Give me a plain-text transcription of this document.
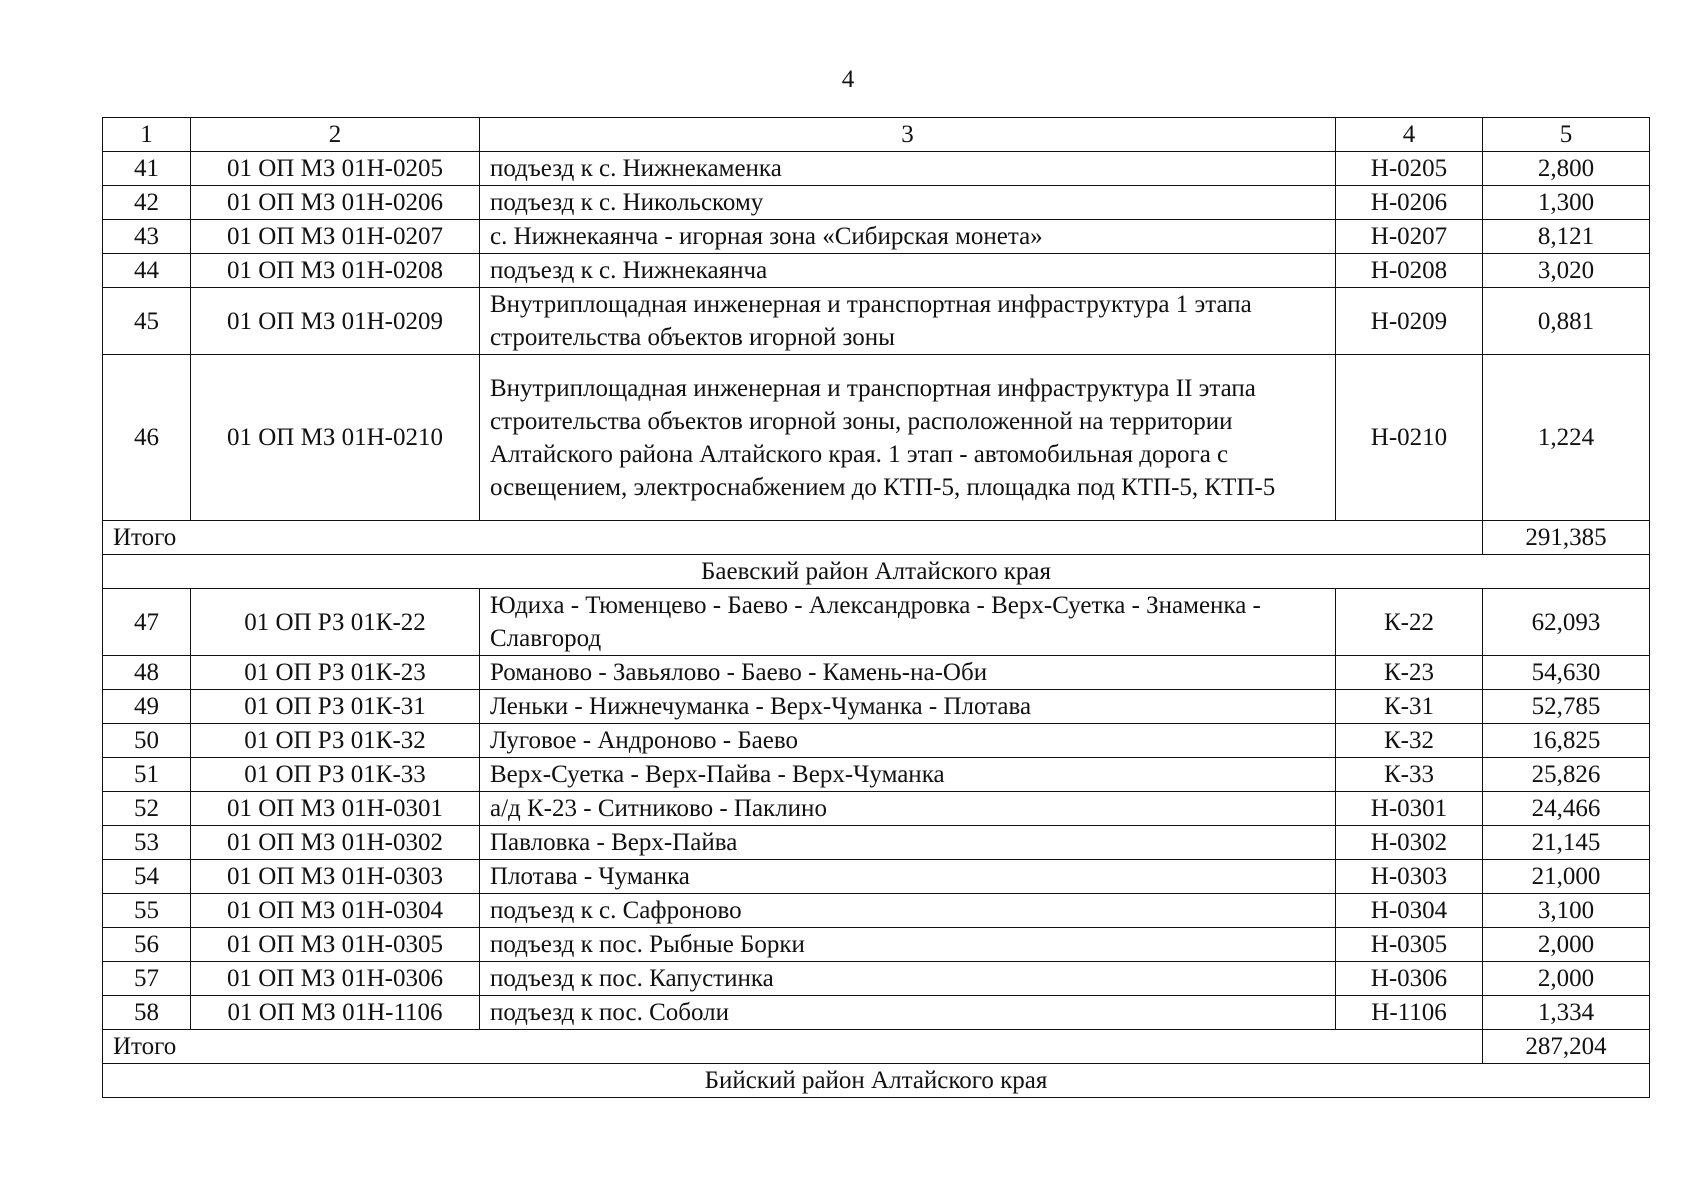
4
1	2	3	4	5
41	01 ОП МЗ 01Н-0205	подъезд к с. Нижнекаменка	Н-0205	2,800
42	01 ОП МЗ 01Н-0206	подъезд к с. Никольскому	Н-0206	1,300
43	01 ОП МЗ 01Н-0207	с. Нижнекаянча - игорная зона «Сибирская монета»	Н-0207	8,121
44	01 ОП МЗ 01Н-0208	подъезд к с. Нижнекаянча	Н-0208	3,020
45	01 ОП МЗ 01Н-0209	Внутриплощадная инженерная и транспортная инфраструктура 1 этапа строительства объектов игорной зоны	Н-0209	0,881
46	01 ОП МЗ 01Н-0210	Внутриплощадная инженерная и транспортная инфраструктура II этапа строительства объектов игорной зоны, расположенной на территории Алтайского района Алтайского края. 1 этап - автомобильная дорога с освещением, электроснабжением до КТП-5, площадка под КТП-5, КТП-5	Н-0210	1,224
Итого				291,385
Баевский район Алтайского края				
47	01 ОП РЗ 01К-22	Юдиха - Тюменцево - Баево - Александровка - Верх-Суетка - Знаменка - Славгород	К-22	62,093
48	01 ОП РЗ 01К-23	Романово - Завьялово - Баево - Камень-на-Оби	К-23	54,630
49	01 ОП РЗ 01К-31	Леньки - Нижнечуманка - Верх-Чуманка - Плотава	К-31	52,785
50	01 ОП РЗ 01К-32	Луговое - Андроново - Баево	К-32	16,825
51	01 ОП РЗ 01К-33	Верх-Суетка - Верх-Пайва - Верх-Чуманка	К-33	25,826
52	01 ОП МЗ 01Н-0301	а/д К-23 - Ситниково - Паклино	Н-0301	24,466
53	01 ОП МЗ 01Н-0302	Павловка - Верх-Пайва	Н-0302	21,145
54	01 ОП МЗ 01Н-0303	Плотава - Чуманка	Н-0303	21,000
55	01 ОП МЗ 01Н-0304	подъезд к с. Сафроново	Н-0304	3,100
56	01 ОП МЗ 01Н-0305	подъезд к пос. Рыбные Борки	Н-0305	2,000
57	01 ОП МЗ 01Н-0306	подъезд к пос. Капустинка	Н-0306	2,000
58	01 ОП МЗ 01Н-1106	подъезд к пос. Соболи	Н-1106	1,334
Итого				287,204
Бийский район Алтайского края				
